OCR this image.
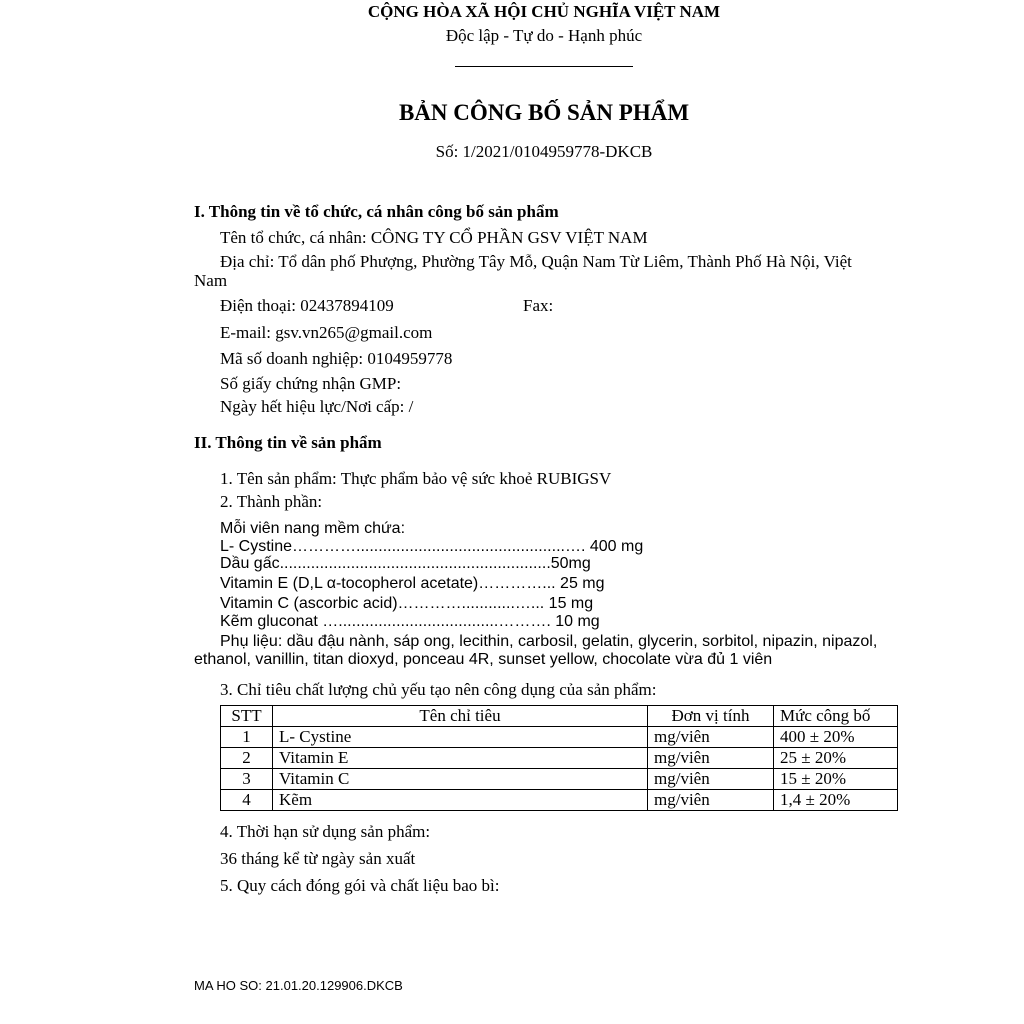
CỘNG HÒA XÃ HỘI CHỦ NGHĨA VIỆT NAM
Độc lập - Tự do - Hạnh phúc
BẢN CÔNG BỐ SẢN PHẨM
Số: 1/2021/0104959778-DKCB
I. Thông tin về tổ chức, cá nhân công bố sản phẩm
Tên tổ chức, cá nhân: CÔNG TY CỔ PHẦN GSV VIỆT NAM
Địa chỉ: Tổ dân phố Phượng, Phường Tây Mỗ, Quận Nam Từ Liêm, Thành Phố Hà Nội, Việt
Nam
Điện thoại: 02437894109	Fax:
E-mail: gsv.vn265@gmail.com
Mã số doanh nghiệp: 0104959778
Số giấy chứng nhận GMP:
Ngày hết hiệu lực/Nơi cấp: /
II. Thông tin về sản phẩm
1. Tên sản phẩm: Thực phẩm bảo vệ sức khoẻ RUBIGSV
2. Thành phần:
Mỗi viên nang mềm chứa:
L- Cystine…………...............................................…. 400 mg
Dầu gấc.............................................................50mg
Vitamin E (D,L α-tocopherol acetate)…………... 25 mg
Vitamin C (ascorbic acid)…………............…... 15 mg
Kẽm gluconat …....................................………. 10 mg
Phụ liệu: dầu đậu nành, sáp ong, lecithin, carbosil, gelatin, glycerin, sorbitol, nipazin, nipazol,
ethanol, vanillin, titan dioxyd, ponceau 4R, sunset yellow, chocolate vừa đủ 1 viên
3. Chỉ tiêu chất lượng chủ yếu tạo nên công dụng của sản phẩm:
STT	Tên chỉ tiêu	Đơn vị tính	Mức công bố
1	L- Cystine	mg/viên	400 ± 20%
2	Vitamin E	mg/viên	25 ± 20%
3	Vitamin C	mg/viên	15 ± 20%
4	Kẽm	mg/viên	1,4 ± 20%
4. Thời hạn sử dụng sản phẩm:
36 tháng kể từ ngày sản xuất
5. Quy cách đóng gói và chất liệu bao bì:
MA HO SO: 21.01.20.129906.DKCB
